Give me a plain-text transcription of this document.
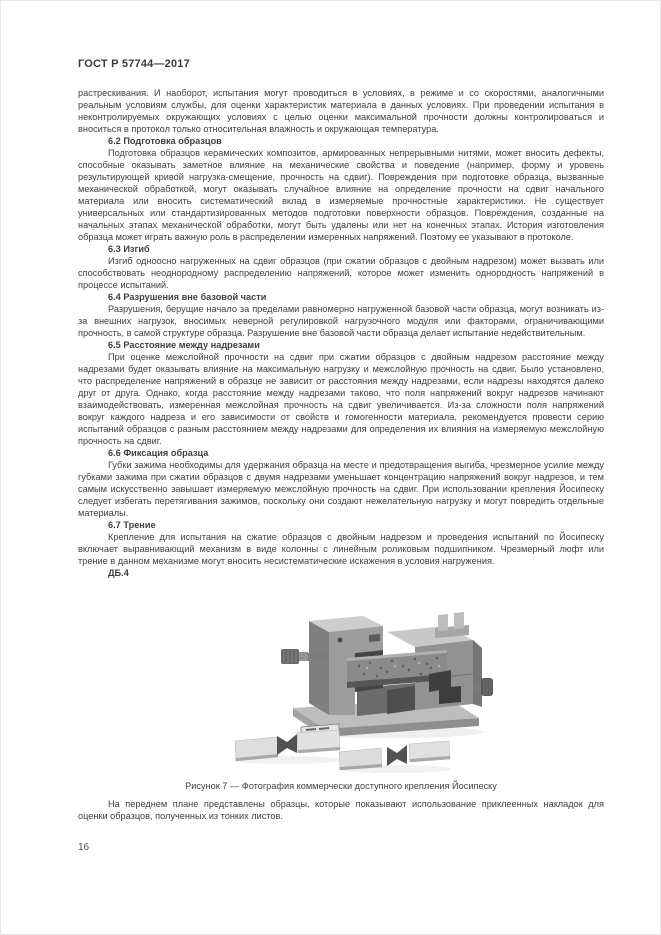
ГОСТ Р 57744—2017

растрескивания. И наоборот, испытания могут проводиться в условиях, в режиме и со скоростями, аналогичными реальным условиям службы, для оценки характеристик материала в данных условиях. При проведении испытания в неконтролируемых окружающих условиях с целью оценки максимальной прочности должны контролироваться и вноситься в протокол только относительная влажность и окружающая температура.

6.2 Подготовка образцов

Подготовка образцов керамических композитов, армированных непрерывными нитями, может вносить дефекты, способные оказывать заметное влияние на механические свойства и поведение (например, форму и уровень результирующей кривой нагрузка-смещение, прочность на сдвиг). Повреждения при подготовке образца, вызванные механической обработкой, могут оказывать случайное влияние на определение прочности на сдвиг начального материала или вносить систематический вклад в измеряемые прочностные характеристики. Не существует универсальных или стандартизированных методов подготовки поверхности образцов. Повреждения, созданные на начальных этапах механической обработки, могут быть удалены или нет на конечных этапах. История изготовления образца может играть важную роль в распределении измеренных напряжений. Поэтому ее указывают в протоколе.

6.3 Изгиб

Изгиб одноосно нагруженных на сдвиг образцов (при сжатии образцов с двойным надрезом) может вызвать или способствовать неоднородному распределению напряжений, которое может изменить однородность напряжений в процессе испытаний.

6.4 Разрушения вне базовой части

Разрушения, берущие начало за пределами равномерно нагруженной базовой части образца, могут возникать из-за внешних нагрузок, вносимых неверной регулировкой нагрузочного модуля или факторами, ограничивающими прочность, в самой структуре образца. Разрушение вне базовой части образца делает испытание недействительным.

6.5 Расстояние между надрезами

При оценке межслойной прочности на сдвиг при сжатии образцов с двойным надрезом расстояние между надрезами будет оказывать влияние на максимальную нагрузку и межслойную прочность на сдвиг. Было установлено, что распределение напряжений в образце не зависит от расстояния между надрезами, если надрезы находятся далеко друг от друга. Однако, когда расстояние между надрезами таково, что поля напряжений вокруг надрезов начинают взаимодействовать, измеренная межслойная прочность на сдвиг увеличивается. Из-за сложности поля напряжений вокруг каждого надреза и его зависимости от свойств и гомогенности материала, рекомендуется провести серию испытаний образцов с разным расстоянием между надрезами для определения их влияния на измеряемую межслойную прочность на сдвиг.

6.6 Фиксация образца

Губки зажима необходимы для удержания образца на месте и предотвращения выгиба, чрезмерное усилие между губками зажима при сжатии образцов с двумя надрезами уменьшает концентрацию напряжений вокруг надрезов, и тем самым искусственно завышает измеряемую межслойную прочность на сдвиг. При использовании крепления Йосипеску следует избегать перетягивания зажимов, поскольку они создают нежелательную нагрузку и могут повредить отдельные материалы.

6.7 Трение

Крепление для испытания на сжатие образцов с двойным надрезом и проведения испытаний по Йосипеску включает выравнивающий механизм в виде колонны с линейным роликовым подшипником. Чрезмерный люфт или трение в данном механизме могут вносить несистематические искажения в условия нагружения.

ДБ.4

Рисунок 7 — Фотография коммерчески доступного крепления Йосипеску

На переднем плане представлены образцы, которые показывают использование приклеенных накладок для оценки образцов, полученных из тонких листов.

16
